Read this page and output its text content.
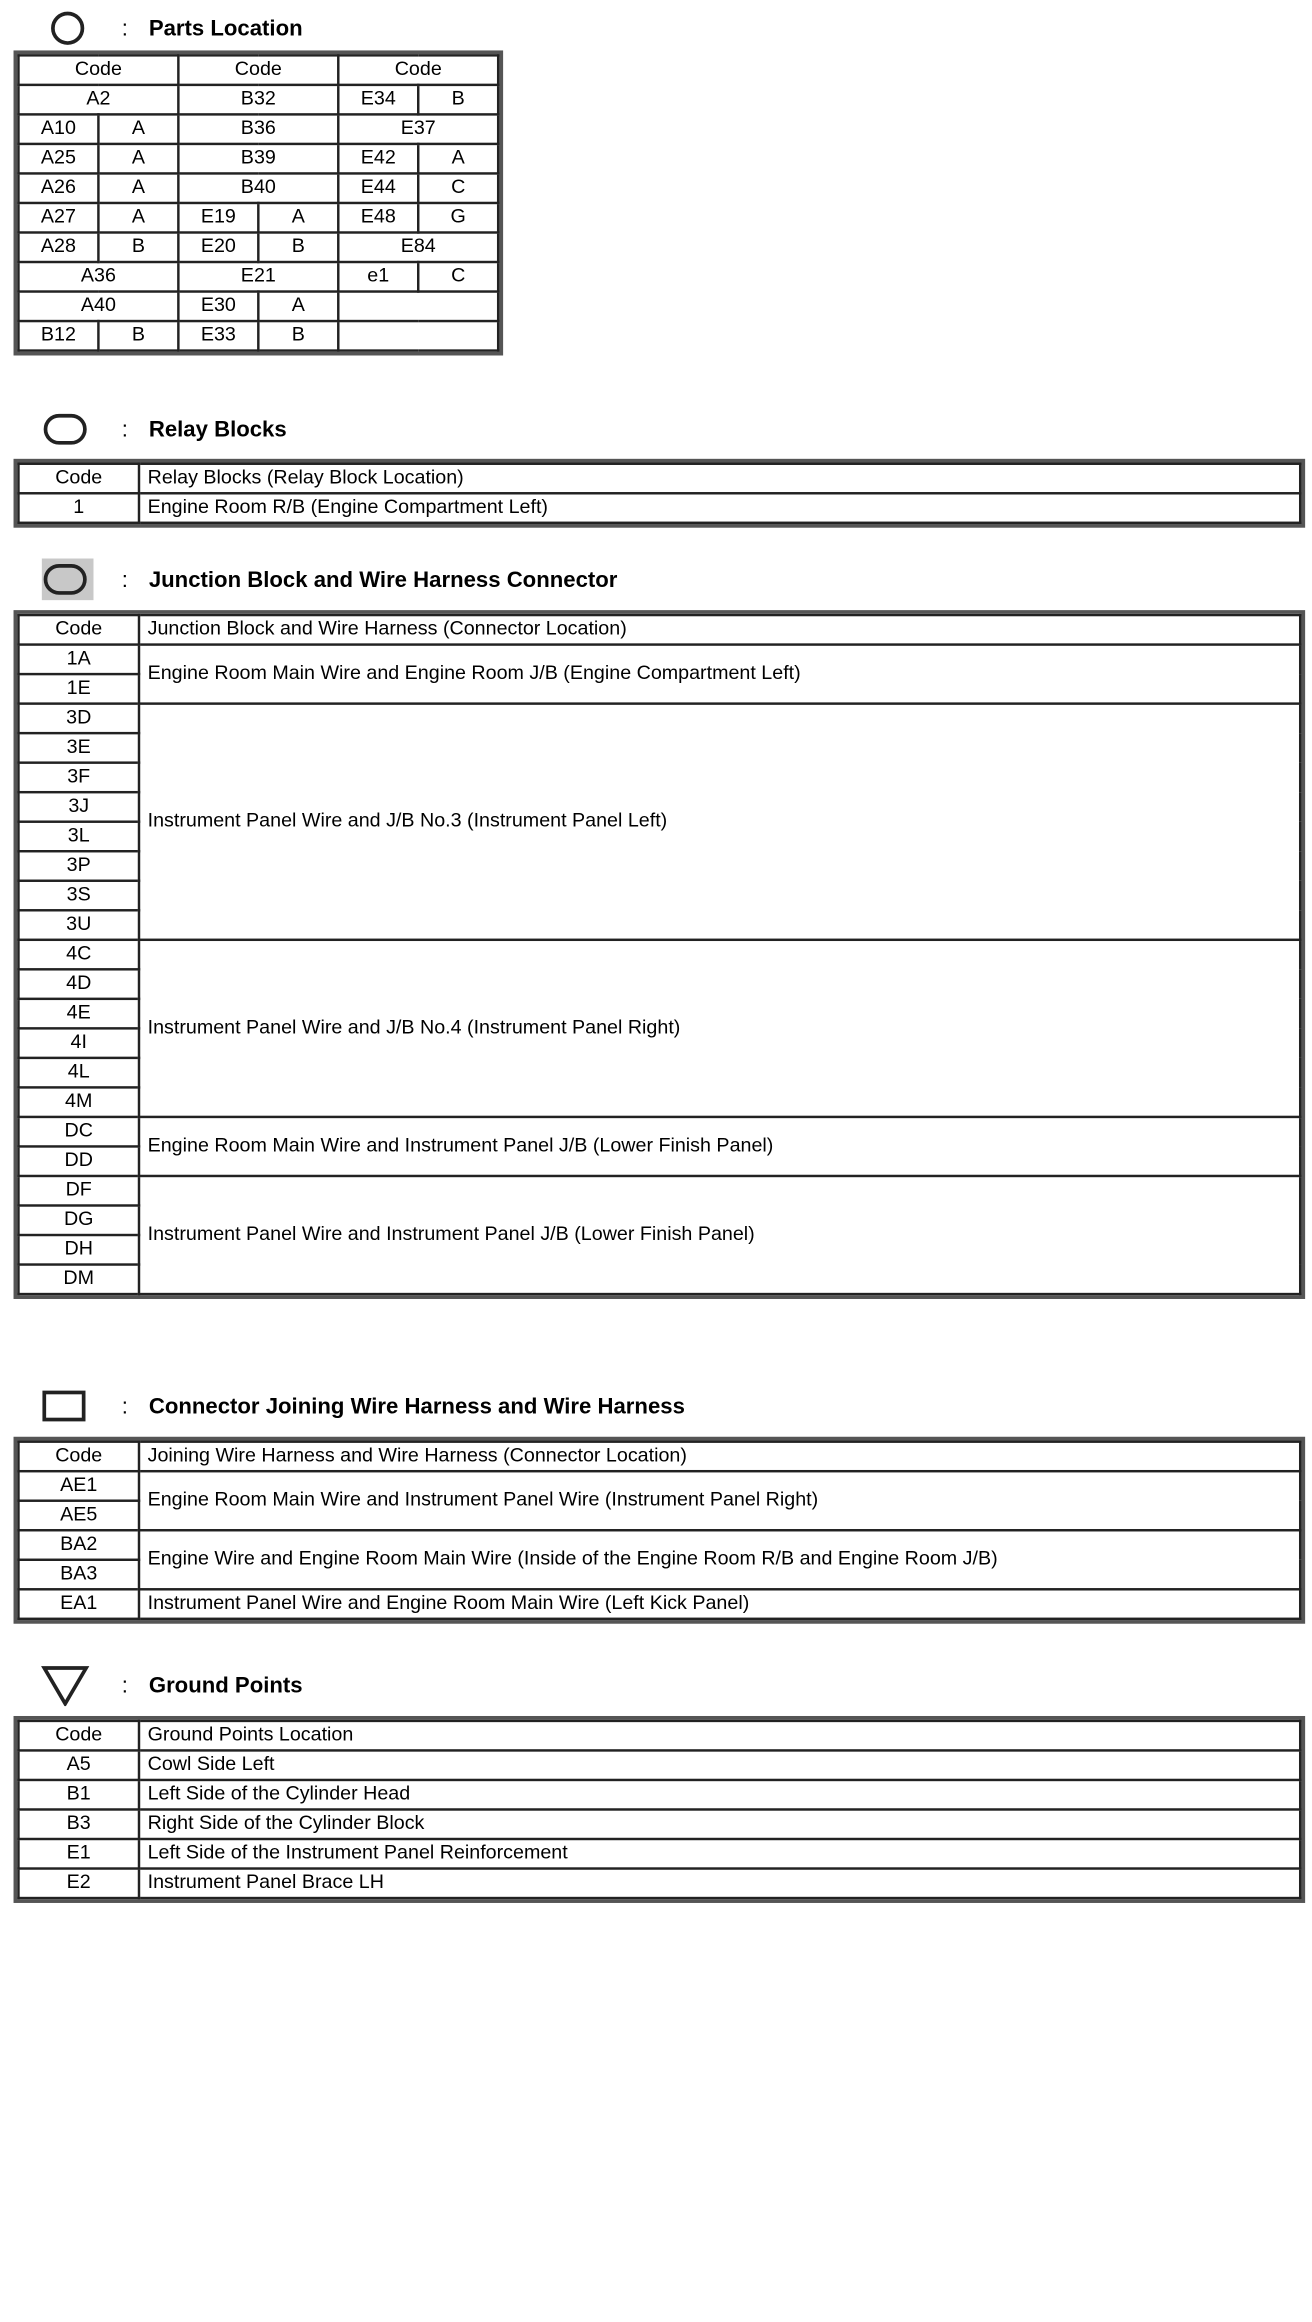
: Parts Location
Code		Code		Code	
A2		B32		E34	B
A10	A	B36		E37	
A25	A	B39		E42	A
A26	A	B40		E44	C
A27	A	E19	A	E48	G
A28	B	E20	B	E84	
A36		E21		e1	C
A40		E30	A		
B12	B	E33	B		
: Relay Blocks
Code	Relay Blocks (Relay Block Location)
1	Engine Room R/B (Engine Compartment Left)
: Junction Block and Wire Harness Connector
Code	Junction Block and Wire Harness (Connector Location)
1A	Engine Room Main Wire and Engine Room J/B (Engine Compartment Left)
1E	
3D	Instrument Panel Wire and J/B No.3 (Instrument Panel Left)
3E	
3F	
3J	
3L	
3P	
3S	
3U	
4C	Instrument Panel Wire and J/B No.4 (Instrument Panel Right)
4D	
4E	
4I	
4L	
4M	
DC	Engine Room Main Wire and Instrument Panel J/B (Lower Finish Panel)
DD	
DF	Instrument Panel Wire and Instrument Panel J/B (Lower Finish Panel)
DG	
DH	
DM	
: Connector Joining Wire Harness and Wire Harness
Code	Joining Wire Harness and Wire Harness (Connector Location)
AE1	Engine Room Main Wire and Instrument Panel Wire (Instrument Panel Right)
AE5	
BA2	Engine Wire and Engine Room Main Wire (Inside of the Engine Room R/B and Engine Room J/B)
BA3	
EA1	Instrument Panel Wire and Engine Room Main Wire (Left Kick Panel)
: Ground Points
Code	Ground Points Location
A5	Cowl Side Left
B1	Left Side of the Cylinder Head
B3	Right Side of the Cylinder Block
E1	Left Side of the Instrument Panel Reinforcement
E2	Instrument Panel Brace LH
